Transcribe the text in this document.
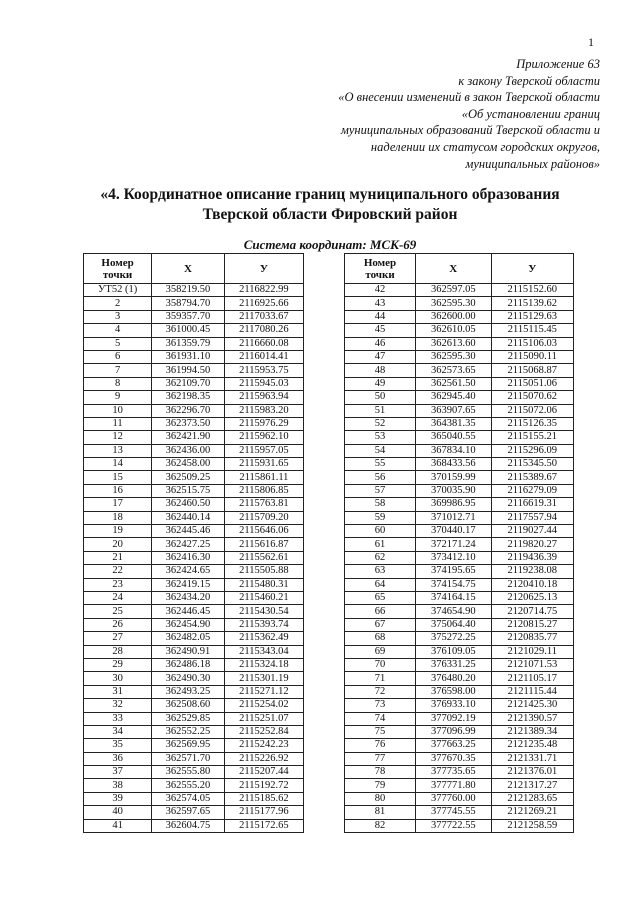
1
Приложение 63
к закону Тверской области
«О внесении изменений в закон Тверской области
«Об установлении границ
муниципальных образований Тверской области и
наделении их статусом городских округов,
муниципальных районов»
«4. Координатное описание границ муниципального образования
Тверской области Фировский район
Система координат: МСК-69
Номер
точки	X	У
УТ52 (1)	358219.50	2116822.99
2	358794.70	2116925.66
3	359357.70	2117033.67
4	361000.45	2117080.26
5	361359.79	2116660.08
6	361931.10	2116014.41
7	361994.50	2115953.75
8	362109.70	2115945.03
9	362198.35	2115963.94
10	362296.70	2115983.20
11	362373.50	2115976.29
12	362421.90	2115962.10
13	362436.00	2115957.05
14	362458.00	2115931.65
15	362509.25	2115861.11
16	362515.75	2115806.85
17	362460.50	2115763.81
18	362440.14	2115709.20
19	362445.46	2115646.06
20	362427.25	2115616.87
21	362416.30	2115562.61
22	362424.65	2115505.88
23	362419.15	2115480.31
24	362434.20	2115460.21
25	362446.45	2115430.54
26	362454.90	2115393.74
27	362482.05	2115362.49
28	362490.91	2115343.04
29	362486.18	2115324.18
30	362490.30	2115301.19
31	362493.25	2115271.12
32	362508.60	2115254.02
33	362529.85	2115251.07
34	362552.25	2115252.84
35	362569.95	2115242.23
36	362571.70	2115226.92
37	362555.80	2115207.44
38	362555.20	2115192.72
39	362574.05	2115185.62
40	362597.65	2115177.96
41	362604.75	2115172.65
Номер
точки	X	У
42	362597.05	2115152.60
43	362595.30	2115139.62
44	362600.00	2115129.63
45	362610.05	2115115.45
46	362613.60	2115106.03
47	362595.30	2115090.11
48	362573.65	2115068.87
49	362561.50	2115051.06
50	362945.40	2115070.62
51	363907.65	2115072.06
52	364381.35	2115126.35
53	365040.55	2115155.21
54	367834.10	2115296.09
55	368433.56	2115345.50
56	370159.99	2115389.67
57	370035.90	2116279.09
58	369986.95	2116619.31
59	371012.71	2117557.94
60	370440.17	2119027.44
61	372171.24	2119820.27
62	373412.10	2119436.39
63	374195.65	2119238.08
64	374154.75	2120410.18
65	374164.15	2120625.13
66	374654.90	2120714.75
67	375064.40	2120815.27
68	375272.25	2120835.77
69	376109.05	2121029.11
70	376331.25	2121071.53
71	376480.20	2121105.17
72	376598.00	2121115.44
73	376933.10	2121425.30
74	377092.19	2121390.57
75	377096.99	2121389.34
76	377663.25	2121235.48
77	377670.35	2121331.71
78	377735.65	2121376.01
79	377771.80	2121317.27
80	377760.00	2121283.65
81	377745.55	2121269.21
82	377722.55	2121258.59
